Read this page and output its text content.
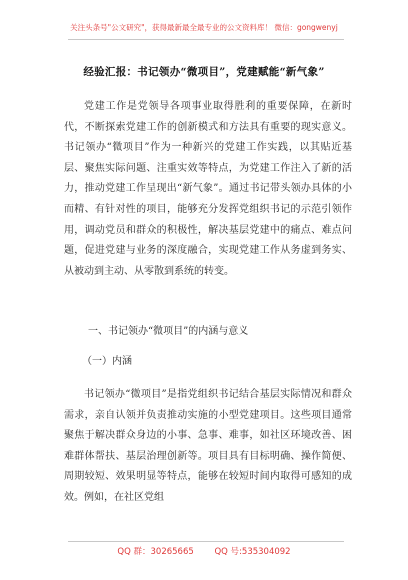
关注头条号"公文研究"，获得最新最全最专业的公文资料库！ 微信：gongwenyj
经验汇报：书记领办“微项目”，党建赋能“新气象”

党建工作是党领导各项事业取得胜利的重要保障，在新时代，不断探索党建工作的创新模式和方法具有重要的现实意义。书记领办“微项目”作为一种新兴的党建工作实践，以其贴近基层、聚焦实际问题、注重实效等特点，为党建工作注入了新的活力，推动党建工作呈现出“新气象”。通过书记带头领办具体的小而精、有针对性的项目，能够充分发挥党组织书记的示范引领作用，调动党员和群众的积极性，解决基层党建中的痛点、难点问题，促进党建与业务的深度融合，实现党建工作从务虚到务实、从被动到主动、从零散到系统的转变。

一、书记领办“微项目”的内涵与意义
（一）内涵

书记领办“微项目”是指党组织书记结合基层实际情况和群众需求，亲自认领并负责推动实施的小型党建项目。这些项目通常聚焦于解决群众身边的小事、急事、难事，如社区环境改善、困难群体帮扶、基层治理创新等。项目具有目标明确、操作简便、周期较短、效果明显等特点，能够在较短时间内取得可感知的成效。例如，在社区党组

QQ 群：30265665 QQ 号:535304092
